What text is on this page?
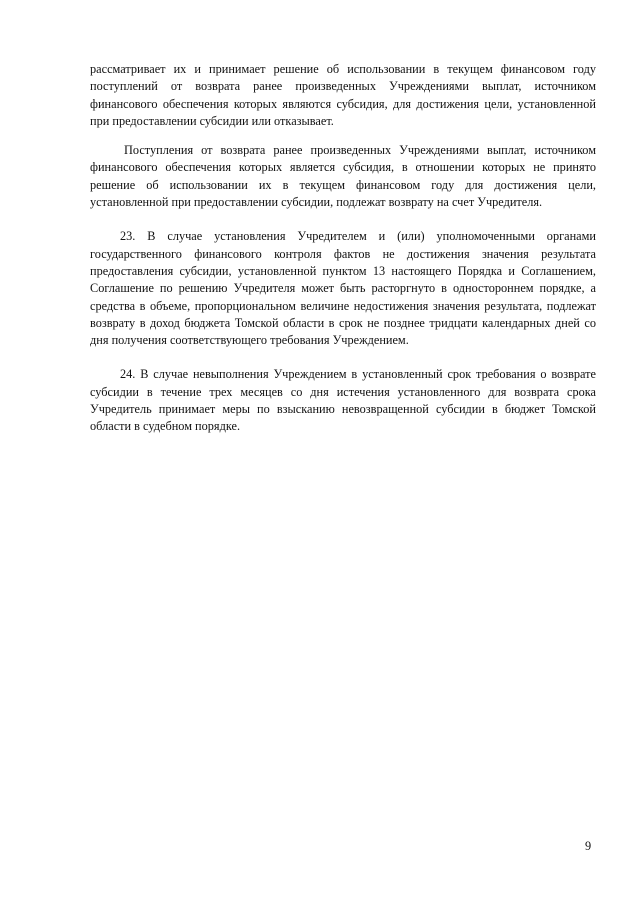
рассматривает их и принимает решение об использовании в текущем финансовом году поступлений от возврата ранее произведенных Учреждениями выплат, источником финансового обеспечения которых являются субсидия, для достижения цели, установленной при предоставлении субсидии или отказывает.

Поступления от возврата ранее произведенных Учреждениями выплат, источником финансового обеспечения которых является субсидия, в отношении которых не принято решение об использовании их в текущем финансовом году для достижения цели, установленной при предоставлении субсидии, подлежат возврату на счет Учредителя.

23. В случае установления Учредителем и (или) уполномоченными органами государственного финансового контроля фактов не достижения значения результата предоставления субсидии, установленной пунктом 13 настоящего Порядка и Соглашением, Соглашение по решению Учредителя может быть расторгнуто в одностороннем порядке, а средства в объеме, пропорциональном величине недостижения значения результата, подлежат возврату в доход бюджета Томской области в срок не позднее тридцати календарных дней со дня получения соответствующего требования Учреждением.

24. В случае невыполнения Учреждением в установленный срок требования о возврате субсидии в течение трех месяцев со дня истечения установленного для возврата срока Учредитель принимает меры по взысканию невозвращенной субсидии в бюджет Томской области в судебном порядке.

9
